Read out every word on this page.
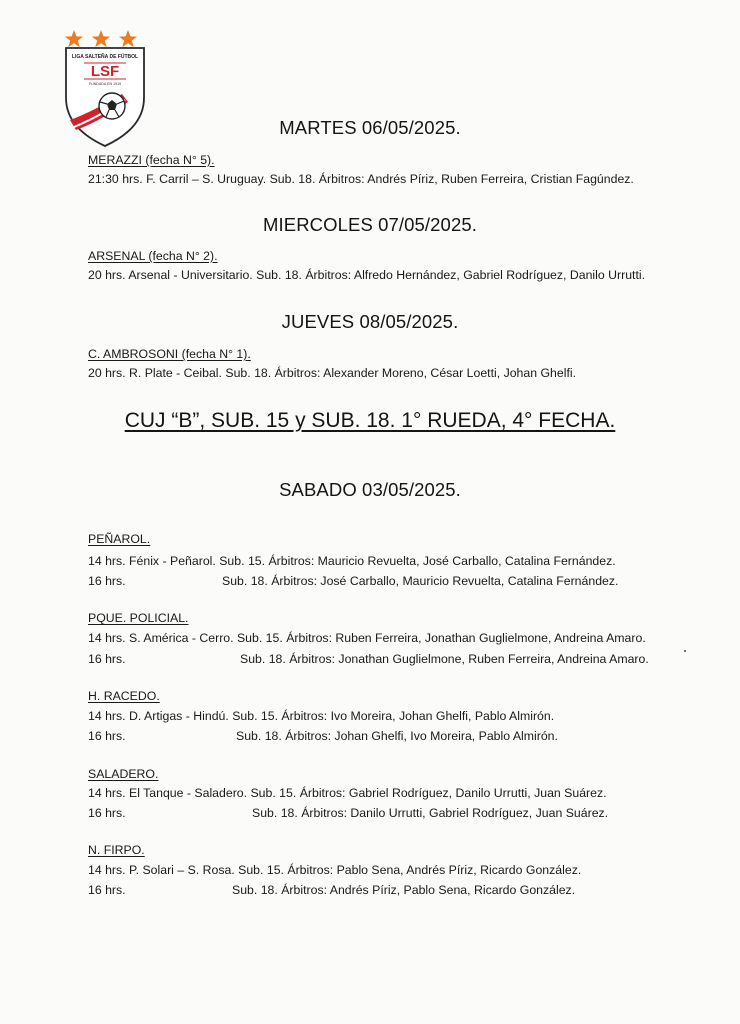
LIGA SALTEÑA DE FÚTBOL
LSF
FUNDADA EN 1915
MARTES 06/05/2025.
MERAZZI (fecha N° 5).
21:30 hrs. F. Carril – S. Uruguay. Sub. 18. Árbitros: Andrés Píriz, Ruben Ferreira, Cristian Fagúndez.
MIERCOLES 07/05/2025.
ARSENAL (fecha N° 2).
20 hrs. Arsenal - Universitario. Sub. 18. Árbitros: Alfredo Hernández, Gabriel Rodríguez, Danilo Urrutti.
JUEVES 08/05/2025.
C. AMBROSONI (fecha N° 1).
20 hrs. R. Plate - Ceibal. Sub. 18. Árbitros: Alexander Moreno, César Loetti, Johan Ghelfi.
CUJ “B”, SUB. 15 y SUB. 18. 1° RUEDA, 4° FECHA.
SABADO 03/05/2025.
PEÑAROL.
14 hrs. Fénix - Peñarol. Sub. 15. Árbitros: Mauricio Revuelta, José Carballo, Catalina Fernández.
16 hrs.	Sub. 18. Árbitros: José Carballo, Mauricio Revuelta, Catalina Fernández.
PQUE. POLICIAL.
14 hrs. S. América - Cerro. Sub. 15. Árbitros: Ruben Ferreira, Jonathan Guglielmone, Andreina Amaro.
16 hrs.	Sub. 18. Árbitros: Jonathan Guglielmone, Ruben Ferreira, Andreina Amaro.
H. RACEDO.
14 hrs. D. Artigas - Hindú. Sub. 15. Árbitros: Ivo Moreira, Johan Ghelfi, Pablo Almirón.
16 hrs.	Sub. 18. Árbitros: Johan Ghelfi, Ivo Moreira, Pablo Almirón.
SALADERO.
14 hrs. El Tanque - Saladero. Sub. 15. Árbitros: Gabriel Rodríguez, Danilo Urrutti, Juan Suárez.
16 hrs.	Sub. 18. Árbitros: Danilo Urrutti, Gabriel Rodríguez, Juan Suárez.
N. FIRPO.
14 hrs. P. Solari – S. Rosa. Sub. 15. Árbitros: Pablo Sena, Andrés Píriz, Ricardo González.
16 hrs.	Sub. 18. Árbitros: Andrés Píriz, Pablo Sena, Ricardo González.
